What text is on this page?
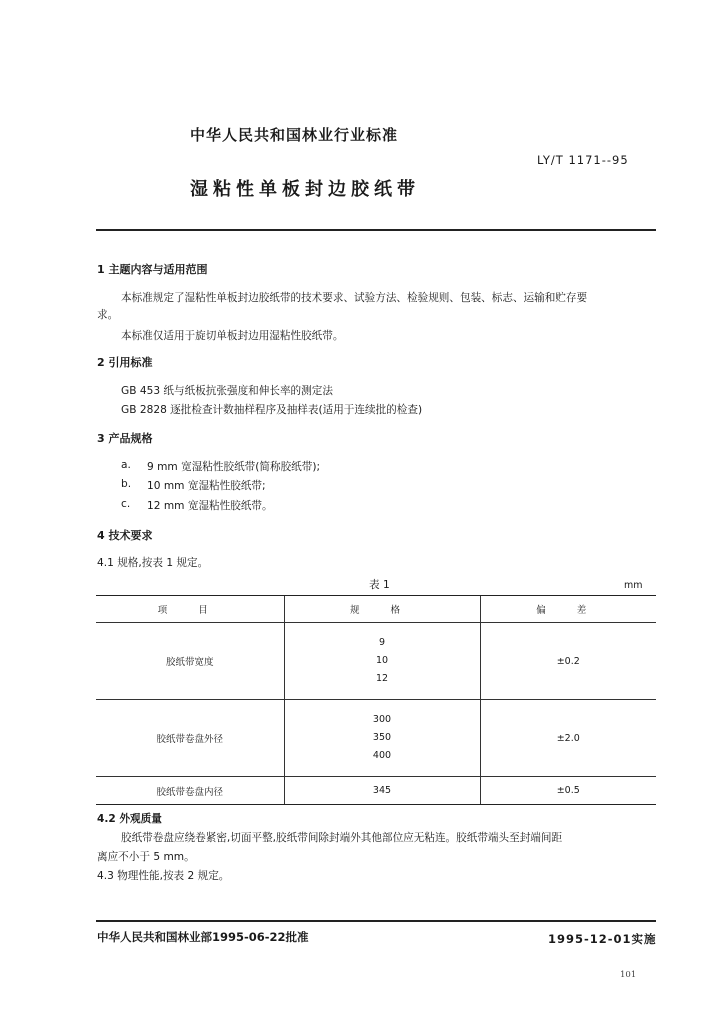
中华人民共和国林业行业标准
LY/T 1171--95
湿粘性单板封边胶纸带
1 主题内容与适用范围
本标准规定了湿粘性单板封边胶纸带的技术要求、试验方法、检验规则、包装、标志、运输和贮存要
求。
本标准仅适用于旋切单板封边用湿粘性胶纸带。
2 引用标准
GB 453 纸与纸板抗张强度和伸长率的测定法
GB 2828 逐批检查计数抽样程序及抽样表(适用于连续批的检查)
3 产品规格
a. 9 mm 宽湿粘性胶纸带(简称胶纸带);
b. 10 mm 宽湿粘性胶纸带;
c. 12 mm 宽湿粘性胶纸带。
4 技术要求
4.1 规格,按表 1 规定。
表 1	mm
项 目	规 格	偏 差
胶纸带宽度	9
10
12	±0.2
胶纸带卷盘外径	300
350
400	±2.0
胶纸带卷盘内径	345	±0.5
4.2 外观质量
胶纸带卷盘应绕卷紧密,切面平整,胶纸带间除封端外其他部位应无粘连。胶纸带端头至封端间距
离应不小于 5 mm。
4.3 物理性能,按表 2 规定。
中华人民共和国林业部1995-06-22批准	1995-12-01实施
101
